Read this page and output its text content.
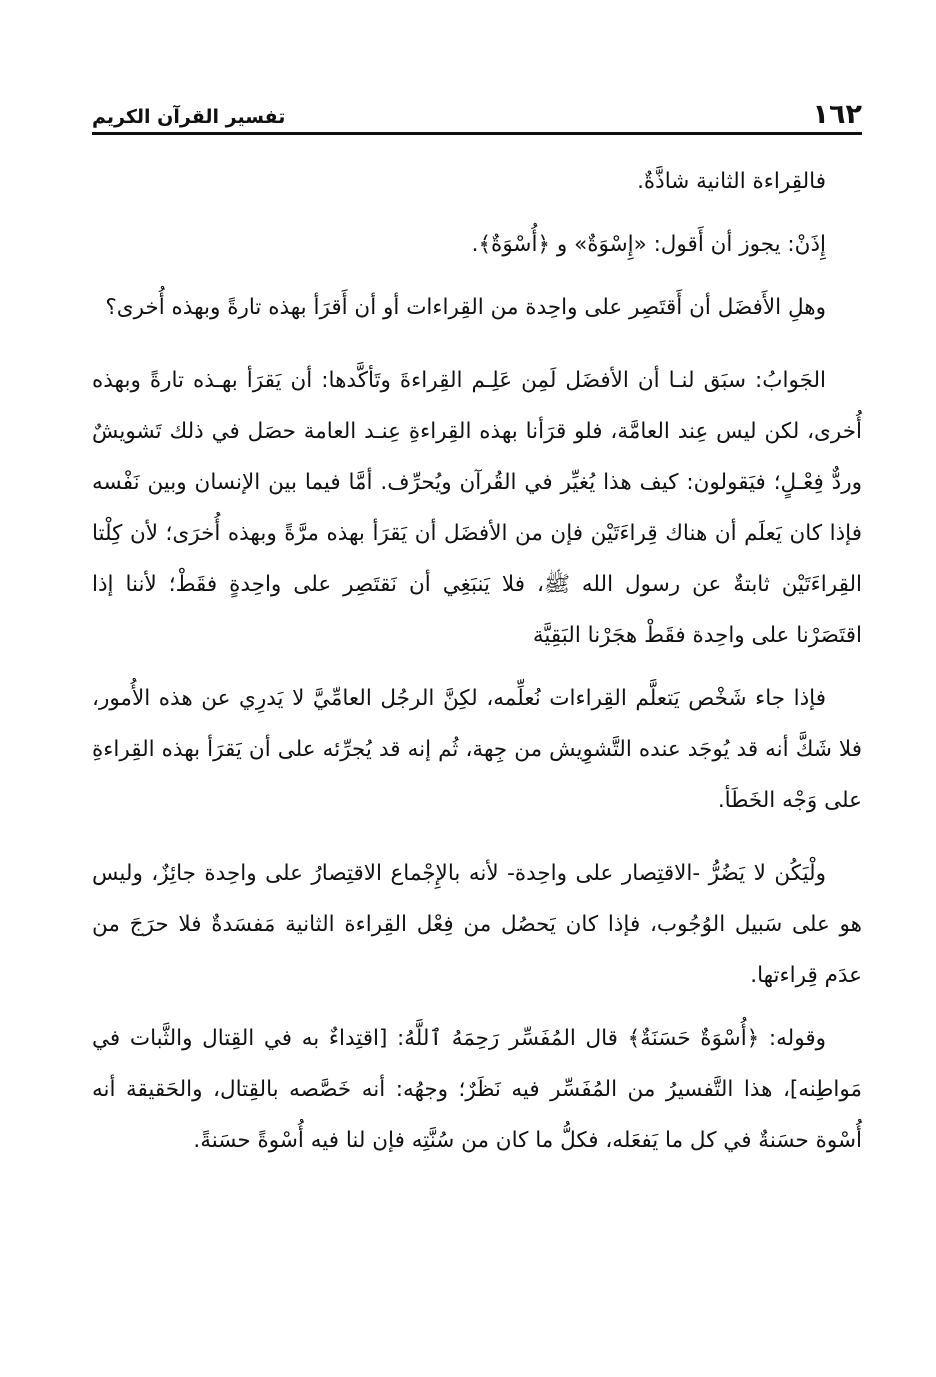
١٦٢
تفسير القرآن الكريم

فالقِراءة الثانية شاذَّةٌ.

إِذَنْ: يجوز أن أَقول: «إِسْوَةٌ» و ﴿أُسْوَةٌ﴾.

وهلِ الأَفضَل أن أَقتَصِر على واحِدة من القِراءات أو أن أَقرَأ بهذه تارةً وبهذه أُخرى؟

الجَوابُ: سبَق لنـا أن الأفضَل لَمِن عَلِـم القِراءةَ وتَأكَّدها: أن يَقرَأ بهـذه تارةً وبهذه أُخرى، لكن ليس عِند العامَّة، فلو قرَأنا بهذه القِراءةِ عِنـد العامة حصَل في ذلك تَشويشٌ وردٌّ فِعْـلٍ؛ فيَقولون: كيف هذا يُغيِّر في القُرآن ويُحرِّف. أمَّا فيما بين الإنسان وبين نَفْسه فإذا كان يَعلَم أن هناك قِراءَتَيْن فإن من الأفضَل أن يَقرَأ بهذه مرَّةً وبهذه أُخرَى؛ لأن كِلْتا القِراءَتَيْن ثابتةٌ عن رسول الله ﷺ، فلا يَنبَغِي أن نَقتَصِر على واحِدةٍ فقَطْ؛ لأننا إذا اقتَصَرْنا على واحِدة فقَطْ هجَرْنا البَقِيَّة

فإذا جاء شَخْص يَتعلَّم القِراءات نُعلِّمه، لكِنَّ الرجُل العامِّيَّ لا يَدرِي عن هذه الأُمور، فلا شَكَّ أنه قد يُوجَد عنده التَّشوِيش من جِهة، ثُم إنه قد يُجرِّئه على أن يَقرَأ بهذه القِراءةِ على وَجْه الخَطَأ.

ولْيَكُن لا يَضُرُّ -الاقتِصار على واحِدة- لأنه بالإِجْماع الاقتِصارُ على واحِدة جائِزٌ، وليس هو على سَبيل الوُجُوب، فإذا كان يَحصُل من فِعْل القِراءة الثانية مَفسَدةٌ فلا حرَجَ من عدَم قِراءتها.

وقوله: ﴿أُسْوَةٌ حَسَنَةٌ﴾ قال المُفَسِّر رَحِمَهُ ٱللَّهُ: [اقتِداءٌ به في القِتال والثَّبات في مَواطِنه]، هذا التَّفسيرُ من المُفَسِّر فيه نَظَرٌ؛ وجهُه: أنه خَصَّصه بالقِتال، والحَقيقة أنه أُسْوة حسَنةٌ في كل ما يَفعَله، فكلُّ ما كان من سُنَّتِه فإن لنا فيه أُسْوةً حسَنةً.
